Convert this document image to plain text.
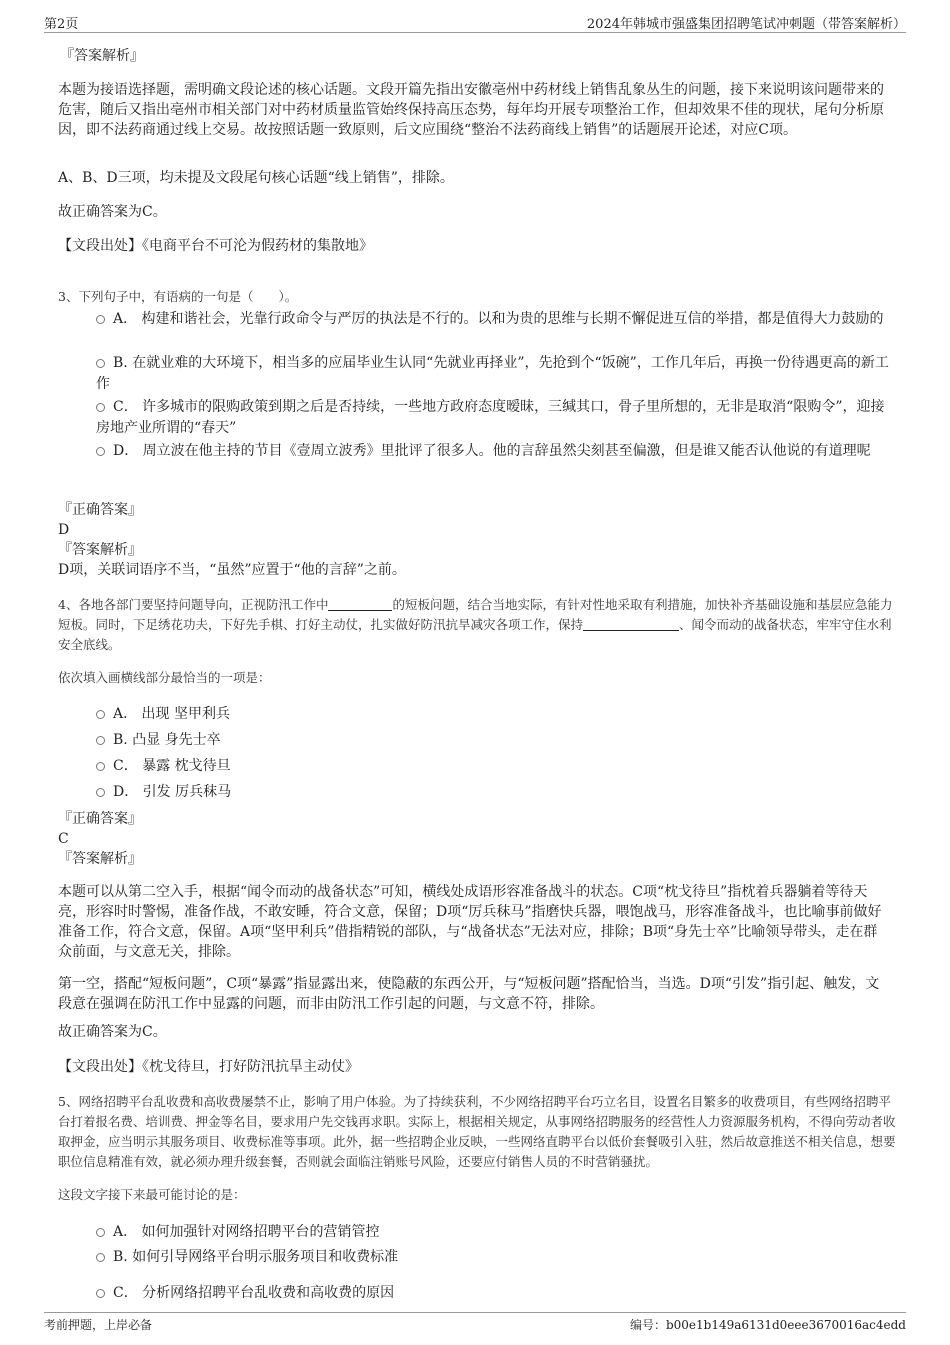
第2页	2024年韩城市强盛集团招聘笔试冲刺题（带答案解析）
『答案解析』
本题为接语选择题，需明确文段论述的核心话题。文段开篇先指出安徽亳州中药材线上销售乱象丛生的问题，接下来说明该问题带来的危害，随后又指出亳州市相关部门对中药材质量监管始终保持高压态势，每年均开展专项整治工作，但却效果不佳的现状，尾句分析原因，即不法药商通过线上交易。故按照话题一致原则，后文应围绕“整治不法药商线上销售”的话题展开论述，对应C项。
A、B、D三项，均未提及文段尾句核心话题“线上销售”，排除。
故正确答案为C。
【文段出处】《电商平台不可沦为假药材的集散地》
3、下列句子中，有语病的一句是（　　）。
A． 构建和谐社会，光靠行政命令与严厉的执法是不行的。以和为贵的思维与长期不懈促进互信的举措，都是值得大力鼓励的
B. 在就业难的大环境下，相当多的应届毕业生认同“先就业再择业”，先抢到个“饭碗”，工作几年后，再换一份待遇更高的新工作
C． 许多城市的限购政策到期之后是否持续，一些地方政府态度暧昧，三缄其口，骨子里所想的，无非是取消“限购令”，迎接房地产业所谓的“春天”
D． 周立波在他主持的节目《壹周立波秀》里批评了很多人。他的言辞虽然尖刻甚至偏激，但是谁又能否认他说的有道理呢
『正确答案』
D
『答案解析』
D项，关联词语序不当，“虽然”应置于“他的言辞”之前。
4、各地各部门要坚持问题导向，正视防汛工作中	的短板问题，结合当地实际，有针对性地采取有利措施，加快补齐基础设施和基层应急能力短板。同时，下足绣花功夫，下好先手棋、打好主动仗，扎实做好防汛抗旱减灾各项工作，保持	、闻令而动的战备状态，牢牢守住水利安全底线。
依次填入画横线部分最恰当的一项是：
A． 出现 坚甲利兵
B. 凸显 身先士卒
C． 暴露 枕戈待旦
D． 引发 厉兵秣马
『正确答案』
C
『答案解析』
本题可以从第二空入手，根据“闻令而动的战备状态”可知，横线处成语形容准备战斗的状态。C项“枕戈待旦”指枕着兵器躺着等待天亮，形容时时警惕，准备作战，不敢安睡，符合文意，保留；D项“厉兵秣马”指磨快兵器，喂饱战马，形容准备战斗，也比喻事前做好准备工作，符合文意，保留。A项“坚甲利兵”借指精锐的部队，与“战备状态”无法对应，排除；B项“身先士卒”比喻领导带头，走在群众前面，与文意无关，排除。
第一空，搭配“短板问题”，C项“暴露”指显露出来，使隐蔽的东西公开，与“短板问题”搭配恰当，当选。D项“引发”指引起、触发，文段意在强调在防汛工作中显露的问题，而非由防汛工作引起的问题，与文意不符，排除。
故正确答案为C。
【文段出处】《枕戈待旦，打好防汛抗旱主动仗》
5、网络招聘平台乱收费和高收费屡禁不止，影响了用户体验。为了持续获利，不少网络招聘平台巧立名目，设置名目繁多的收费项目，有些网络招聘平台打着报名费、培训费、押金等名目，要求用户先交钱再求职。实际上，根据相关规定，从事网络招聘服务的经营性人力资源服务机构，不得向劳动者收取押金，应当明示其服务项目、收费标准等事项。此外，据一些招聘企业反映，一些网络直聘平台以低价套餐吸引入驻，然后故意推送不相关信息，想要职位信息精准有效，就必须办理升级套餐，否则就会面临注销账号风险，还要应付销售人员的不时营销骚扰。
这段文字接下来最可能讨论的是：
A． 如何加强针对网络招聘平台的营销管控
B. 如何引导网络平台明示服务项目和收费标准
C． 分析网络招聘平台乱收费和高收费的原因
考前押题，上岸必备	编号：b00e1b149a6131d0eee3670016ac4edd
